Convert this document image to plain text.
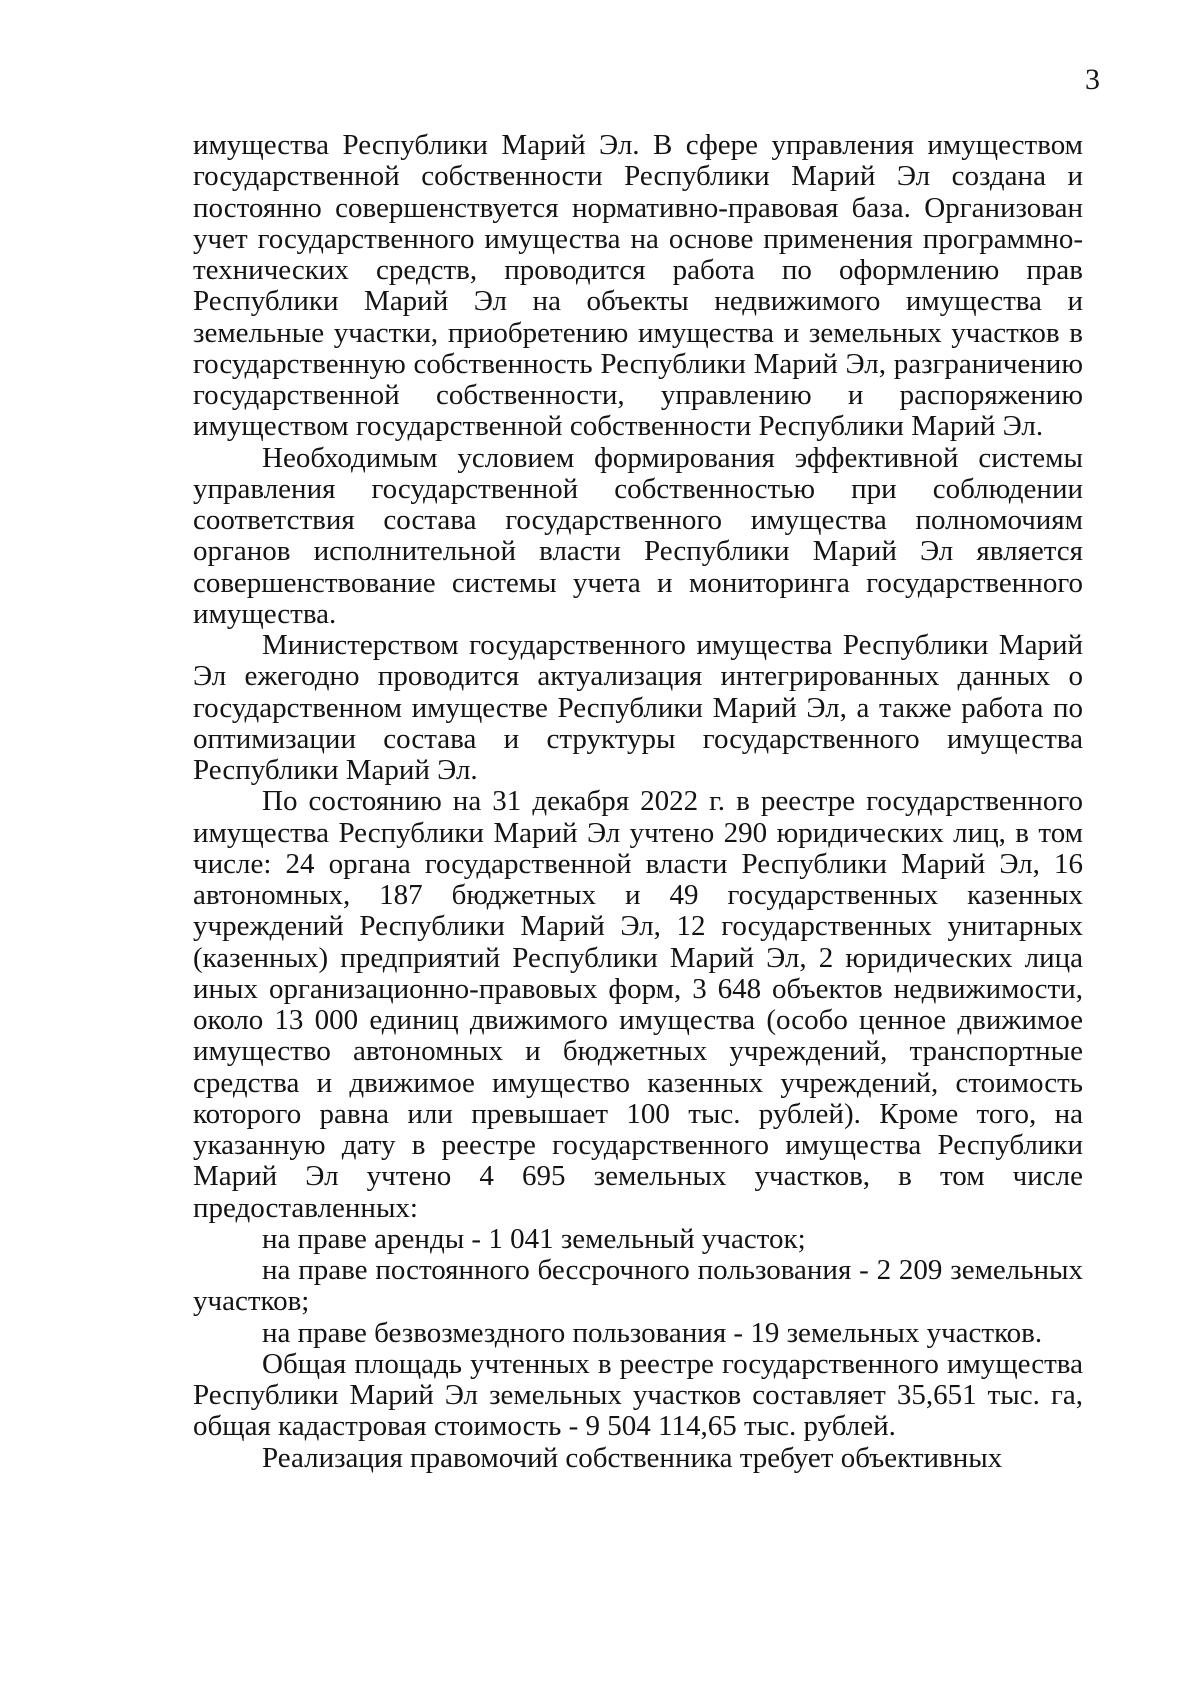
3

имущества Республики Марий Эл. В сфере управления имуществом государственной собственности Республики Марий Эл создана и постоянно совершенствуется нормативно-правовая база. Организован учет государственного имущества на основе применения программно-технических средств, проводится работа по оформлению прав Республики Марий Эл на объекты недвижимого имущества и земельные участки, приобретению имущества и земельных участков в государственную собственность Республики Марий Эл, разграничению государственной собственности, управлению и распоряжению имуществом государственной собственности Республики Марий Эл.

Необходимым условием формирования эффективной системы управления государственной собственностью при соблюдении соответствия состава государственного имущества полномочиям органов исполнительной власти Республики Марий Эл является совершенствование системы учета и мониторинга государственного имущества.

Министерством государственного имущества Республики Марий Эл ежегодно проводится актуализация интегрированных данных о государственном имуществе Республики Марий Эл, а также работа по оптимизации состава и структуры государственного имущества Республики Марий Эл.

По состоянию на 31 декабря 2022 г. в реестре государственного имущества Республики Марий Эл учтено 290 юридических лиц, в том числе: 24 органа государственной власти Республики Марий Эл, 16 автономных, 187 бюджетных и 49 государственных казенных учреждений Республики Марий Эл, 12 государственных унитарных (казенных) предприятий Республики Марий Эл, 2 юридических лица иных организационно-правовых форм, 3 648 объектов недвижимости, около 13 000 единиц движимого имущества (особо ценное движимое имущество автономных и бюджетных учреждений, транспортные средства и движимое имущество казенных учреждений, стоимость которого равна или превышает 100 тыс. рублей). Кроме того, на указанную дату в реестре государственного имущества Республики Марий Эл учтено 4 695 земельных участков, в том числе предоставленных:

на праве аренды - 1 041 земельный участок;

на праве постоянного бессрочного пользования - 2 209 земельных участков;

на праве безвозмездного пользования - 19 земельных участков.

Общая площадь учтенных в реестре государственного имущества Республики Марий Эл земельных участков составляет 35,651 тыс. га, общая кадастровая стоимость - 9 504 114,65 тыс. рублей.

Реализация правомочий собственника требует объективных
